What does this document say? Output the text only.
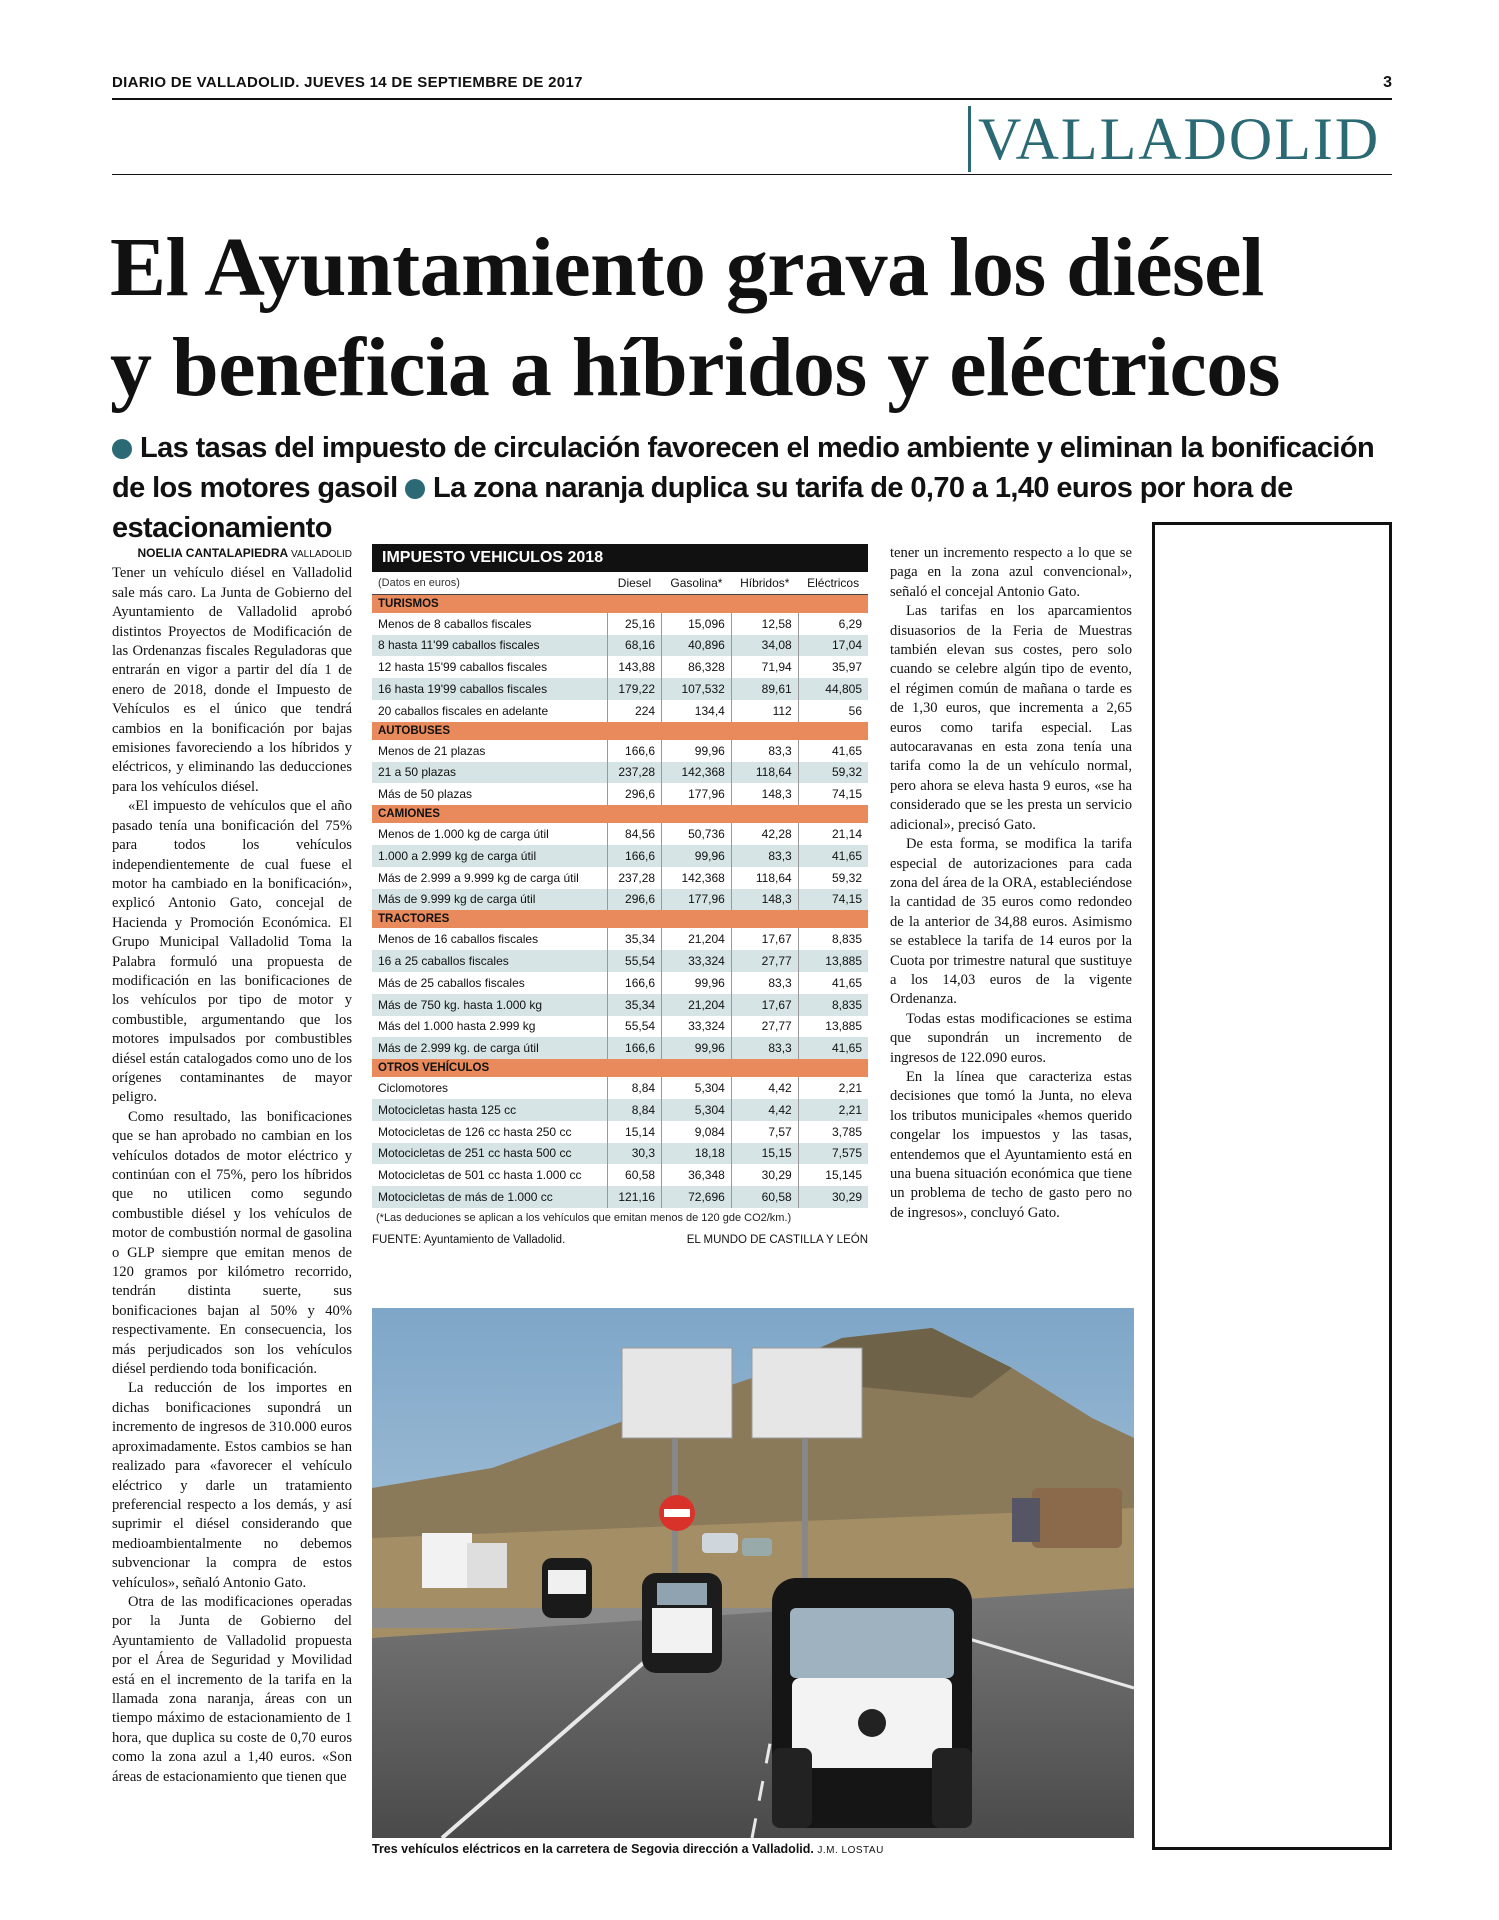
DIARIO DE VALLADOLID. JUEVES 14 DE SEPTIEMBRE DE 2017	3
VALLADOLID
El Ayuntamiento grava los diésel
y beneficia a híbridos y eléctricos
Las tasas del impuesto de circulación favorecen el medio ambiente y eliminan la bonificación de los motores gasoil La zona naranja duplica su tarifa de 0,70 a 1,40 euros por hora de estacionamiento
NOELIA CANTALAPIEDRA VALLADOLID

Tener un vehículo diésel en Valladolid sale más caro. La Junta de Gobierno del Ayuntamiento de Valladolid aprobó distintos Proyectos de Modificación de las Ordenanzas fiscales Reguladoras que entrarán en vigor a partir del día 1 de enero de 2018, donde el Impuesto de Vehículos es el único que tendrá cambios en la bonificación por bajas emisiones favoreciendo a los híbridos y eléctricos, y eliminando las deducciones para los vehículos diésel.

«El impuesto de vehículos que el año pasado tenía una bonificación del 75% para todos los vehículos independientemente de cual fuese el motor ha cambiado en la bonificación», explicó Antonio Gato, concejal de Hacienda y Promoción Económica. El Grupo Municipal Valladolid Toma la Palabra formuló una propuesta de modificación en las bonificaciones de los vehículos por tipo de motor y combustible, argumentando que los motores impulsados por combustibles diésel están catalogados como uno de los orígenes contaminantes de mayor peligro.

Como resultado, las bonificaciones que se han aprobado no cambian en los vehículos dotados de motor eléctrico y continúan con el 75%, pero los híbridos que no utilicen como segundo combustible diésel y los vehículos de motor de combustión normal de gasolina o GLP siempre que emitan menos de 120 gramos por kilómetro recorrido, tendrán distinta suerte, sus bonificaciones bajan al 50% y 40% respectivamente. En consecuencia, los más perjudicados son los vehículos diésel perdiendo toda bonificación.

La reducción de los importes en dichas bonificaciones supondrá un incremento de ingresos de 310.000 euros aproximadamente. Estos cambios se han realizado para «favorecer el vehículo eléctrico y darle un tratamiento preferencial respecto a los demás, y así suprimir el diésel considerando que medioambientalmente no debemos subvencionar la compra de estos vehículos», señaló Antonio Gato.

Otra de las modificaciones operadas por la Junta de Gobierno del Ayuntamiento de Valladolid propuesta por el Área de Seguridad y Movilidad está en el incremento de la tarifa en la llamada zona naranja, áreas con un tiempo máximo de estacionamiento de 1 hora, que duplica su coste de 0,70 euros como la zona azul a 1,40 euros. «Son áreas de estacionamiento que tienen que

IMPUESTO VEHICULOS 2018
(Datos en euros)	Diesel	Gasolina*	Híbridos*	Eléctricos
TURISMOS				
Menos de 8 caballos fiscales	25,16	15,096	12,58	6,29
8 hasta 11'99 caballos fiscales	68,16	40,896	34,08	17,04
12 hasta 15'99 caballos fiscales	143,88	86,328	71,94	35,97
16 hasta 19'99 caballos fiscales	179,22	107,532	89,61	44,805
20 caballos fiscales en adelante	224	134,4	112	56
AUTOBUSES				
Menos de 21 plazas	166,6	99,96	83,3	41,65
21 a 50 plazas	237,28	142,368	118,64	59,32
Más de 50 plazas	296,6	177,96	148,3	74,15
CAMIONES				
Menos de 1.000 kg de carga útil	84,56	50,736	42,28	21,14
1.000 a 2.999 kg de carga útil	166,6	99,96	83,3	41,65
Más de 2.999 a 9.999 kg de carga útil	237,28	142,368	118,64	59,32
Más de 9.999 kg de carga útil	296,6	177,96	148,3	74,15
TRACTORES				
Menos de 16 caballos fiscales	35,34	21,204	17,67	8,835
16 a 25 caballos fiscales	55,54	33,324	27,77	13,885
Más de 25 caballos fiscales	166,6	99,96	83,3	41,65
Más de 750 kg. hasta 1.000 kg	35,34	21,204	17,67	8,835
Más del 1.000 hasta 2.999 kg	55,54	33,324	27,77	13,885
Más de 2.999 kg. de carga útil	166,6	99,96	83,3	41,65
OTROS VEHÍCULOS				
Ciclomotores	8,84	5,304	4,42	2,21
Motocicletas hasta 125 cc	8,84	5,304	4,42	2,21
Motocicletas de 126 cc hasta 250 cc	15,14	9,084	7,57	3,785
Motocicletas de 251 cc hasta 500 cc	30,3	18,18	15,15	7,575
Motocicletas de 501 cc hasta 1.000 cc	60,58	36,348	30,29	15,145
Motocicletas de más de 1.000 cc	121,16	72,696	60,58	30,29
(*Las deduciones se aplican a los vehículos que emitan menos de 120 gde CO2/km.)
FUENTE: Ayuntamiento de Valladolid.	EL MUNDO DE CASTILLA Y LEÓN

tener un incremento respecto a lo que se paga en la zona azul convencional», señaló el concejal Antonio Gato.

Las tarifas en los aparcamientos disuasorios de la Feria de Muestras también elevan sus costes, pero solo cuando se celebre algún tipo de evento, el régimen común de mañana o tarde es de 1,30 euros, que incrementa a 2,65 euros como tarifa especial. Las autocaravanas en esta zona tenía una tarifa como la de un vehículo normal, pero ahora se eleva hasta 9 euros, «se ha considerado que se les presta un servicio adicional», precisó Gato.

De esta forma, se modifica la tarifa especial de autorizaciones para cada zona del área de la ORA, estableciéndose la cantidad de 35 euros como redondeo de la anterior de 34,88 euros. Asimismo se establece la tarifa de 14 euros por la Cuota por trimestre natural que sustituye a los 14,03 euros de la vigente Ordenanza.

Todas estas modificaciones se estima que supondrán un incremento de ingresos de 122.090 euros.

En la línea que caracteriza estas decisiones que tomó la Junta, no eleva los tributos municipales «hemos querido congelar los impuestos y las tasas, entendemos que el Ayuntamiento está en una buena situación económica que tiene un problema de techo de gasto pero no de ingresos», concluyó Gato.

Tres vehículos eléctricos en la carretera de Segovia dirección a Valladolid. J.M. LOSTAU
